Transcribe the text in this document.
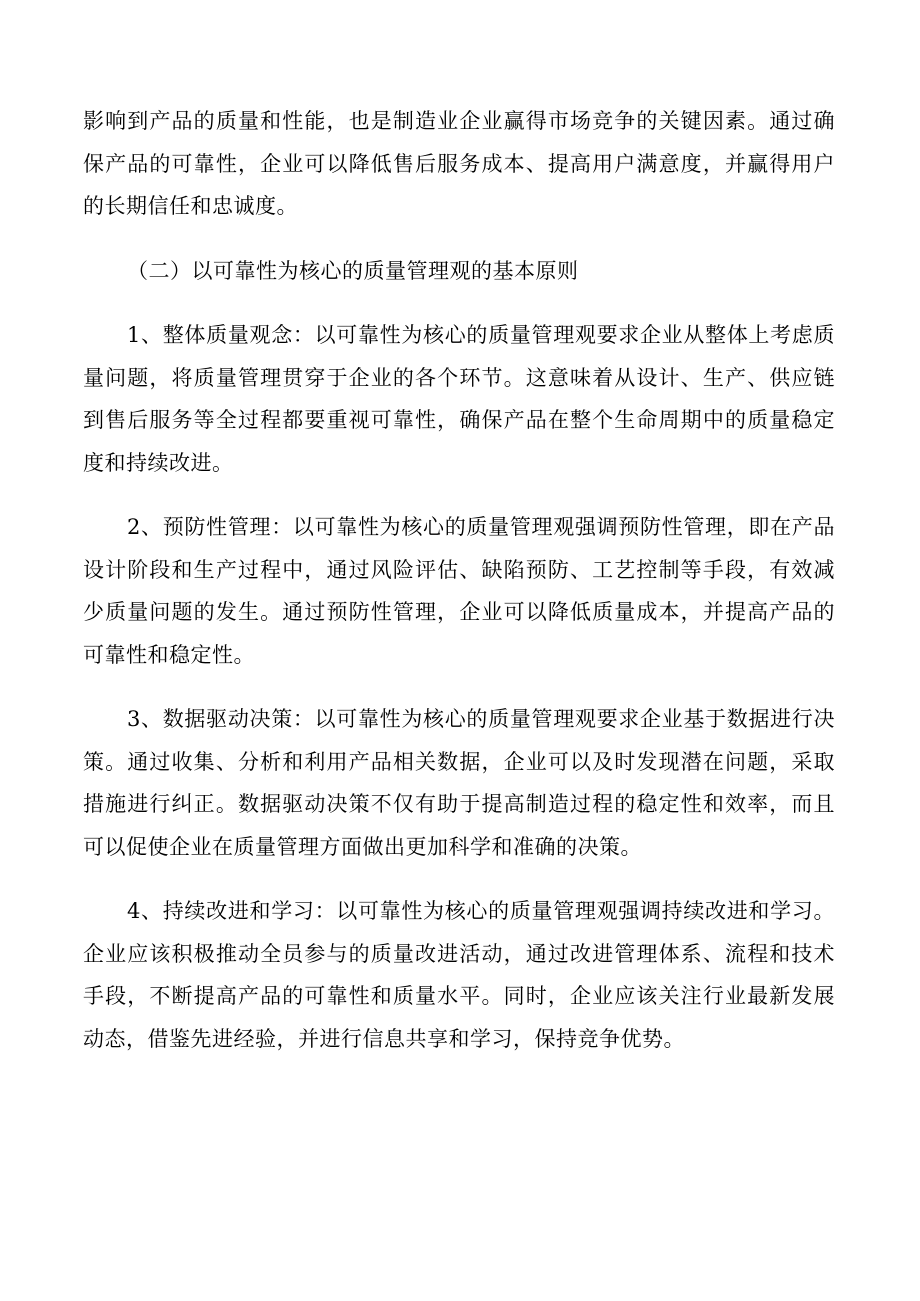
影响到产品的质量和性能，也是制造业企业赢得市场竞争的关键因素。通过确保产品的可靠性，企业可以降低售后服务成本、提高用户满意度，并赢得用户的长期信任和忠诚度。

（二）以可靠性为核心的质量管理观的基本原则

1、整体质量观念：以可靠性为核心的质量管理观要求企业从整体上考虑质量问题，将质量管理贯穿于企业的各个环节。这意味着从设计、生产、供应链到售后服务等全过程都要重视可靠性，确保产品在整个生命周期中的质量稳定度和持续改进。

2、预防性管理：以可靠性为核心的质量管理观强调预防性管理，即在产品设计阶段和生产过程中，通过风险评估、缺陷预防、工艺控制等手段，有效减少质量问题的发生。通过预防性管理，企业可以降低质量成本，并提高产品的可靠性和稳定性。

3、数据驱动决策：以可靠性为核心的质量管理观要求企业基于数据进行决策。通过收集、分析和利用产品相关数据，企业可以及时发现潜在问题，采取措施进行纠正。数据驱动决策不仅有助于提高制造过程的稳定性和效率，而且可以促使企业在质量管理方面做出更加科学和准确的决策。

4、持续改进和学习：以可靠性为核心的质量管理观强调持续改进和学习。企业应该积极推动全员参与的质量改进活动，通过改进管理体系、流程和技术手段，不断提高产品的可靠性和质量水平。同时，企业应该关注行业最新发展动态，借鉴先进经验，并进行信息共享和学习，保持竞争优势。
